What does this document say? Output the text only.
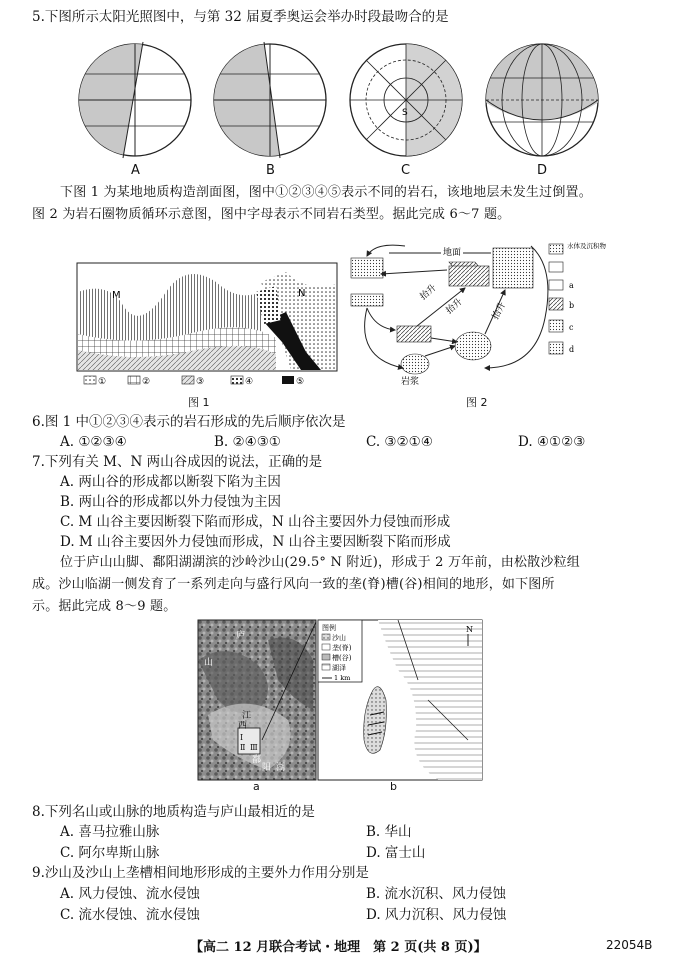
5.下图所示太阳光照图中，与第 32 届夏季奥运会举办时段最吻合的是
A	B
S
C	D
下图 1 为某地地质构造剖面图，图中①②③④⑤表示不同的岩石，该地地层未发生过倒置。
图 2 为岩石圈物质循环示意图，图中字母表示不同岩石类型。据此完成 6～7 题。
M	N
①	②	③	④	⑤
图 1
地面
岩浆
抬升
抬升	抬升
水体及沉积物
a
b
c
d
图 2
6.图 1 中①②③④表示的岩石形成的先后顺序依次是
A. ①②③④	B. ②④③①	C. ③②①④	D. ④①②③
7.下列有关 M、N 两山谷成因的说法，正确的是
A. 两山谷的形成都以断裂下陷为主因
B. 两山谷的形成都以外力侵蚀为主因
C. M 山谷主要因断裂下陷而形成，N 山谷主要因外力侵蚀而形成
D. M 山谷主要因外力侵蚀而形成，N 山谷主要因断裂下陷而形成
位于庐山山脚、鄱阳湖湖滨的沙岭沙山(29.5° N 附近)，形成于 2 万年前，由松散沙粒组
成。沙山临湖一侧发育了一系列走向与盛行风向一致的垄(脊)槽(谷)相间的地形，如下图所
示。据此完成 8～9 题。
庐
山
江
西
Ⅰ
Ⅱ Ⅲ
鄱
阳 湖
a
图例
沙山
垄(脊)
槽(谷)
湖泽
1 km
N
b
8.下列名山或山脉的地质构造与庐山最相近的是
A. 喜马拉雅山脉	B. 华山
C. 阿尔卑斯山脉	D. 富士山
9.沙山及沙山上垄槽相间地形形成的主要外力作用分别是
A. 风力侵蚀、流水侵蚀	B. 流水沉积、风力侵蚀
C. 流水侵蚀、流水侵蚀	D. 风力沉积、风力侵蚀
【高二 12 月联合考试・地理　第 2 页(共 8 页)】	22054B
